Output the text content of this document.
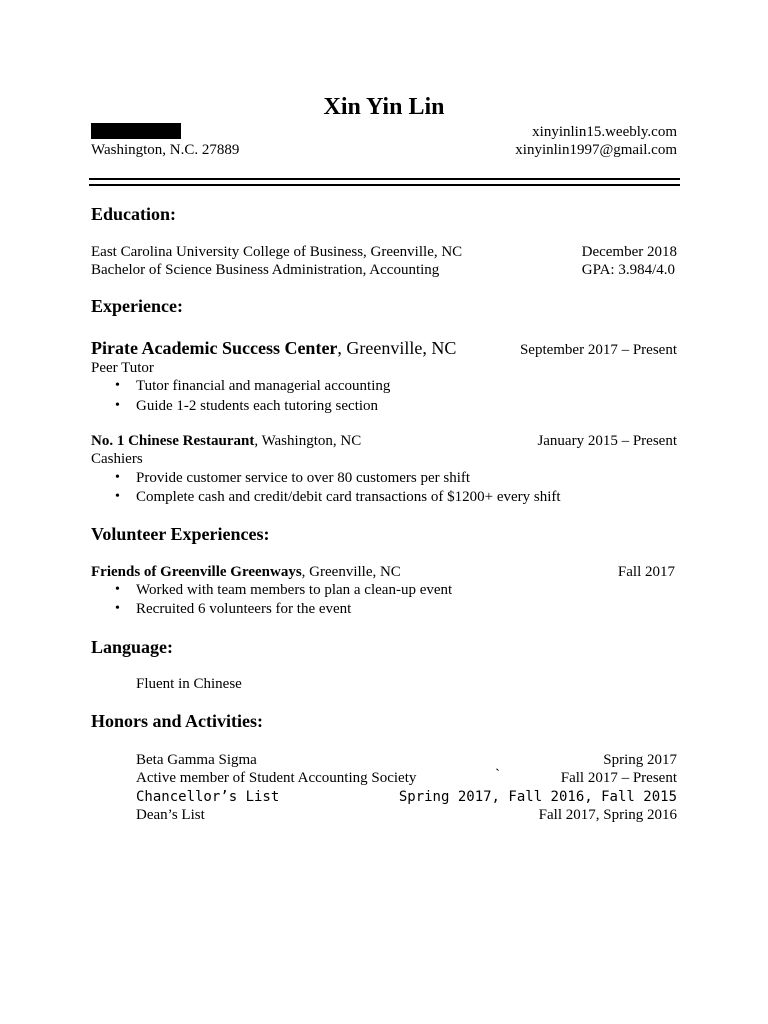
Xin Yin Lin
Washington, N.C. 27889
xinyinlin15.weebly.com
xinyinlin1997@gmail.com
Education:
East Carolina University College of Business, Greenville, NC	December 2018
Bachelor of Science Business Administration, Accounting	GPA: 3.984/4.0
Experience:
Pirate Academic Success Center, Greenville, NC	September 2017 – Present
Peer Tutor
• Tutor financial and managerial accounting
• Guide 1-2 students each tutoring section
No. 1 Chinese Restaurant, Washington, NC	January 2015 – Present
Cashiers
• Provide customer service to over 80 customers per shift
• Complete cash and credit/debit card transactions of $1200+ every shift
Volunteer Experiences:
Friends of Greenville Greenways, Greenville, NC	Fall 2017
• Worked with team members to plan a clean-up event
• Recruited 6 volunteers for the event
Language:
Fluent in Chinese
Honors and Activities:
Beta Gamma Sigma	Spring 2017
Active member of Student Accounting Society	`	Fall 2017 – Present
Chancellor’s List	Spring 2017, Fall 2016, Fall 2015
Dean’s List	Fall 2017, Spring 2016
